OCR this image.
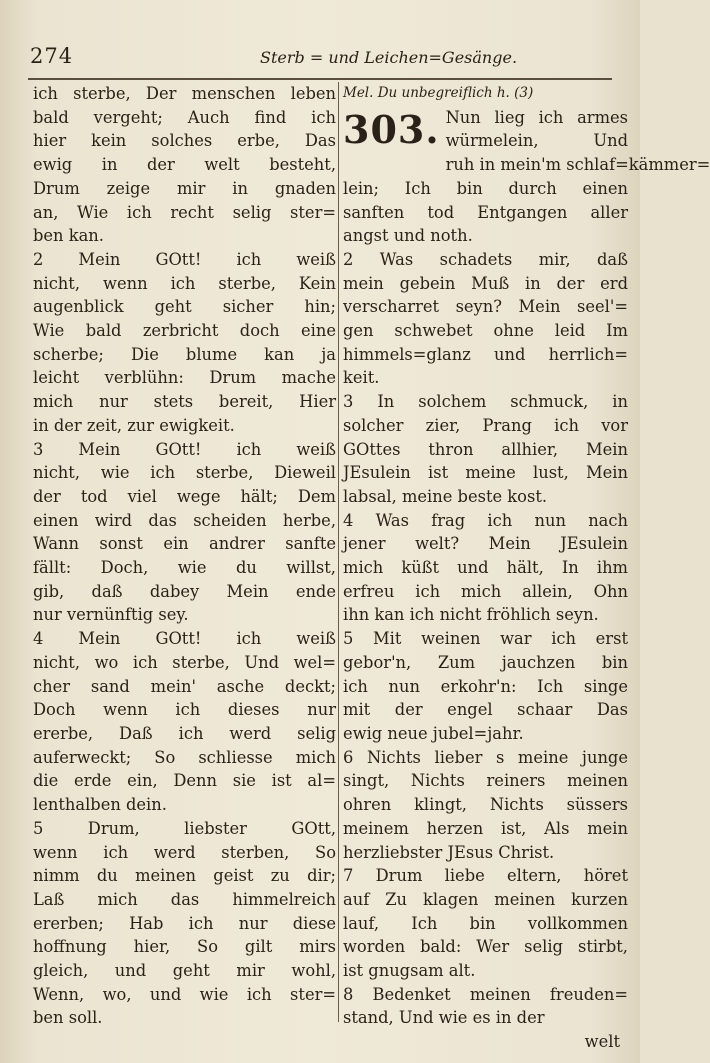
274	Sterb = und Leichen=Gesänge.
ich sterbe, Der menschen leben
bald vergeht; Auch find ich
hier kein solches erbe, Das
ewig in der welt besteht,
Drum zeige mir in gnaden
an, Wie ich recht selig ster=
ben kan.
2 Mein GOtt! ich weiß
nicht, wenn ich sterbe, Kein
augenblick geht sicher hin;
Wie bald zerbricht doch eine
scherbe; Die blume kan ja
leicht verblühn: Drum mache
mich nur stets bereit, Hier
in der zeit, zur ewigkeit.
3 Mein GOtt! ich weiß
nicht, wie ich sterbe, Dieweil
der tod viel wege hält; Dem
einen wird das scheiden herbe,
Wann sonst ein andrer sanfte
fällt: Doch, wie du willst,
gib, daß dabey Mein ende
nur vernünftig sey.
4 Mein GOtt! ich weiß
nicht, wo ich sterbe, Und wel=
cher sand mein' asche deckt;
Doch wenn ich dieses nur
ererbe, Daß ich werd selig
auferweckt; So schliesse mich
die erde ein, Denn sie ist al=
lenthalben dein.
5 Drum, liebster GOtt,
wenn ich werd sterben, So
nimm du meinen geist zu dir;
Laß mich das himmelreich
ererben; Hab ich nur diese
hoffnung hier, So gilt mirs
gleich, und geht mir wohl,
Wenn, wo, und wie ich ster=
ben soll.
Mel. Du unbegreiflich h. (3)
303. Nun lieg ich armes
würmelein, Und
ruh in mein'm schlaf=kämmer=
lein; Ich bin durch einen
sanften tod Entgangen aller
angst und noth.
2 Was schadets mir, daß
mein gebein Muß in der erd
verscharret seyn? Mein seel'=
gen schwebet ohne leid Im
himmels=glanz und herrlich=
keit.
3 In solchem schmuck, in
solcher zier, Prang ich vor
GOttes thron allhier, Mein
JEsulein ist meine lust, Mein
labsal, meine beste kost.
4 Was frag ich nun nach
jener welt? Mein JEsulein
mich küßt und hält, In ihm
erfreu ich mich allein, Ohn
ihn kan ich nicht fröhlich seyn.
5 Mit weinen war ich erst
gebor'n, Zum jauchzen bin
ich nun erkohr'n: Ich singe
mit der engel schaar Das
ewig neue jubel=jahr.
6 Nichts lieber s meine junge
singt, Nichts reiners meinen
ohren klingt, Nichts süssers
meinem herzen ist, Als mein
herzliebster JEsus Christ.
7 Drum liebe eltern, höret
auf Zu klagen meinen kurzen
lauf, Ich bin vollkommen
worden bald: Wer selig stirbt,
ist gnugsam alt.
8 Bedenket meinen freuden=
stand, Und wie es in der
welt
